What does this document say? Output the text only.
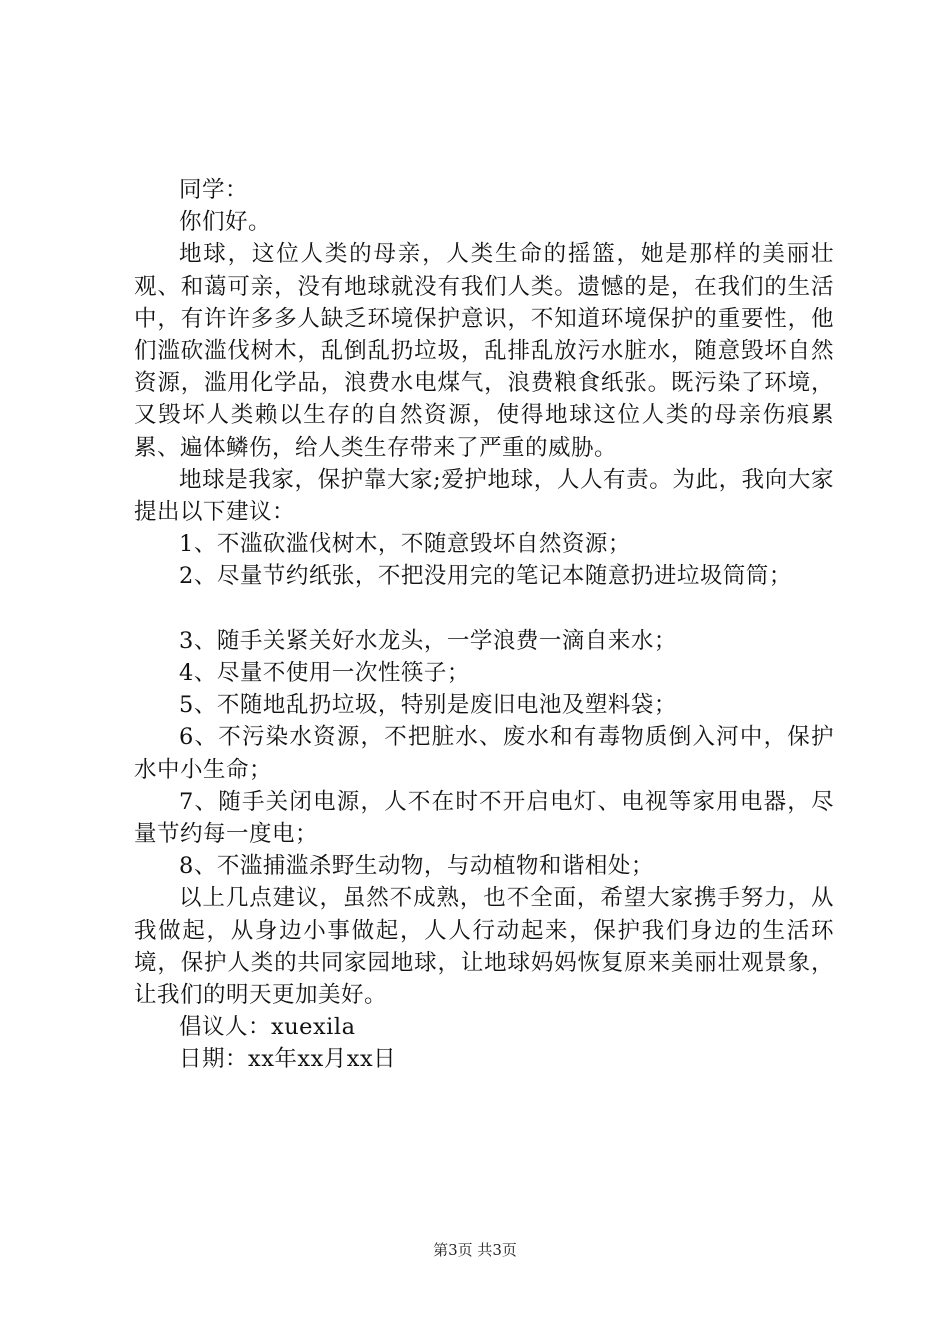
同学：

你们好。

地球，这位人类的母亲，人类生命的摇篮，她是那样的美丽壮观、和蔼可亲，没有地球就没有我们人类。遗憾的是，在我们的生活中，有许许多多人缺乏环境保护意识，不知道环境保护的重要性，他们滥砍滥伐树木，乱倒乱扔垃圾，乱排乱放污水脏水，随意毁坏自然资源，滥用化学品，浪费水电煤气，浪费粮食纸张。既污染了环境，又毁坏人类赖以生存的自然资源，使得地球这位人类的母亲伤痕累累、遍体鳞伤，给人类生存带来了严重的威胁。

地球是我家，保护靠大家;爱护地球，人人有责。为此，我向大家提出以下建议：

1、不滥砍滥伐树木，不随意毁坏自然资源；

2、尽量节约纸张，不把没用完的笔记本随意扔进垃圾筒筒；

3、随手关紧关好水龙头，一学浪费一滴自来水；

4、尽量不使用一次性筷子；

5、不随地乱扔垃圾，特别是废旧电池及塑料袋；

6、不污染水资源，不把脏水、废水和有毒物质倒入河中，保护水中小生命；

7、随手关闭电源，人不在时不开启电灯、电视等家用电器，尽量节约每一度电；

8、不滥捕滥杀野生动物，与动植物和谐相处；

以上几点建议，虽然不成熟，也不全面，希望大家携手努力，从我做起，从身边小事做起，人人行动起来，保护我们身边的生活环境，保护人类的共同家园地球，让地球妈妈恢复原来美丽壮观景象，让我们的明天更加美好。

倡议人：xuexila

日期：xx年xx月xx日

第3页 共3页
